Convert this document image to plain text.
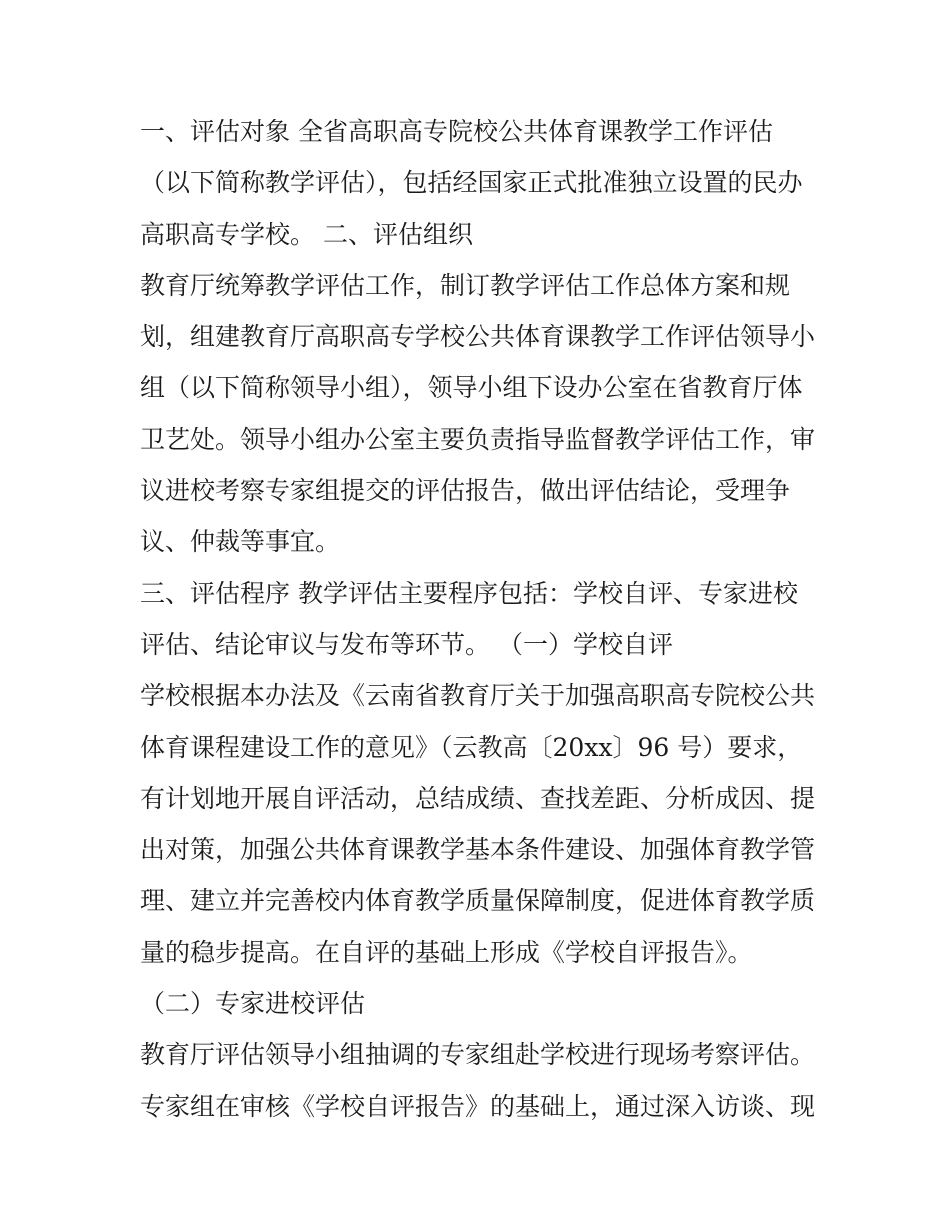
一、评估对象 全省高职高专院校公共体育课教学工作评估
（以下简称教学评估），包括经国家正式批准独立设置的民办
高职高专学校。 二、评估组织
教育厅统筹教学评估工作，制订教学评估工作总体方案和规
划，组建教育厅高职高专学校公共体育课教学工作评估领导小
组（以下简称领导小组），领导小组下设办公室在省教育厅体
卫艺处。领导小组办公室主要负责指导监督教学评估工作，审
议进校考察专家组提交的评估报告，做出评估结论，受理争
议、仲裁等事宜。
三、评估程序 教学评估主要程序包括：学校自评、专家进校
评估、结论审议与发布等环节。 （一）学校自评
学校根据本办法及《云南省教育厅关于加强高职高专院校公共
体育课程建设工作的意见》（云教高〔20xx〕96 号）要求，
有计划地开展自评活动，总结成绩、查找差距、分析成因、提
出对策，加强公共体育课教学基本条件建设、加强体育教学管
理、建立并完善校内体育教学质量保障制度，促进体育教学质
量的稳步提高。在自评的基础上形成《学校自评报告》。
（二）专家进校评估
教育厅评估领导小组抽调的专家组赴学校进行现场考察评估。
专家组在审核《学校自评报告》的基础上，通过深入访谈、现
